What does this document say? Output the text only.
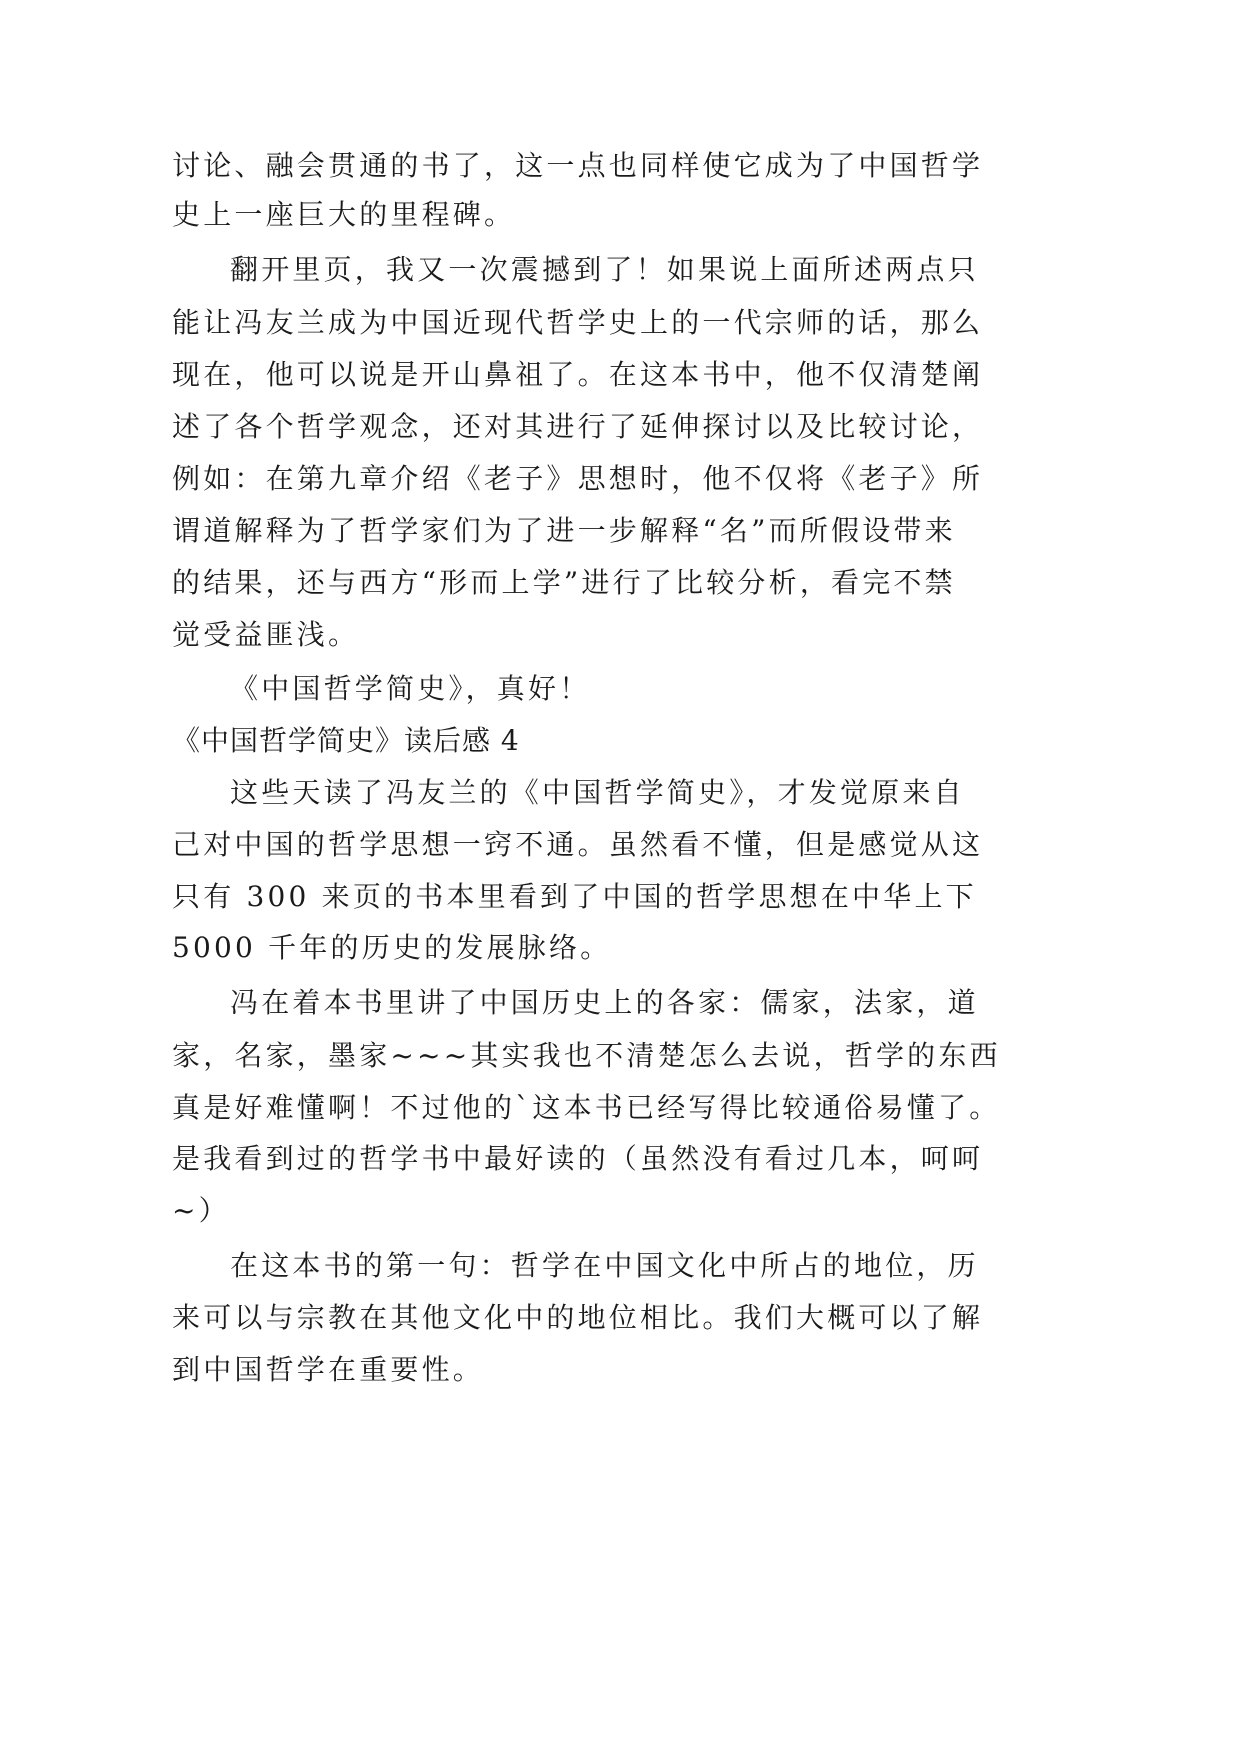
讨论、融会贯通的书了，这一点也同样使它成为了中国哲学
史上一座巨大的里程碑。
翻开里页，我又一次震撼到了！如果说上面所述两点只
能让冯友兰成为中国近现代哲学史上的一代宗师的话，那么
现在，他可以说是开山鼻祖了。在这本书中，他不仅清楚阐
述了各个哲学观念，还对其进行了延伸探讨以及比较讨论，
例如：在第九章介绍《老子》思想时，他不仅将《老子》所
谓道解释为了哲学家们为了进一步解释“名”而所假设带来
的结果，还与西方“形而上学”进行了比较分析，看完不禁
觉受益匪浅。
《中国哲学简史》，真好！
《中国哲学简史》读后感 4
这些天读了冯友兰的《中国哲学简史》，才发觉原来自
己对中国的哲学思想一窍不通。虽然看不懂，但是感觉从这
只有 300 来页的书本里看到了中国的哲学思想在中华上下
5000 千年的历史的发展脉络。
冯在着本书里讲了中国历史上的各家：儒家，法家，道
家，名家，墨家~~~其实我也不清楚怎么去说，哲学的东西
真是好难懂啊！不过他的`这本书已经写得比较通俗易懂了。
是我看到过的哲学书中最好读的（虽然没有看过几本，呵呵
~）
在这本书的第一句：哲学在中国文化中所占的地位，历
来可以与宗教在其他文化中的地位相比。我们大概可以了解
到中国哲学在重要性。
